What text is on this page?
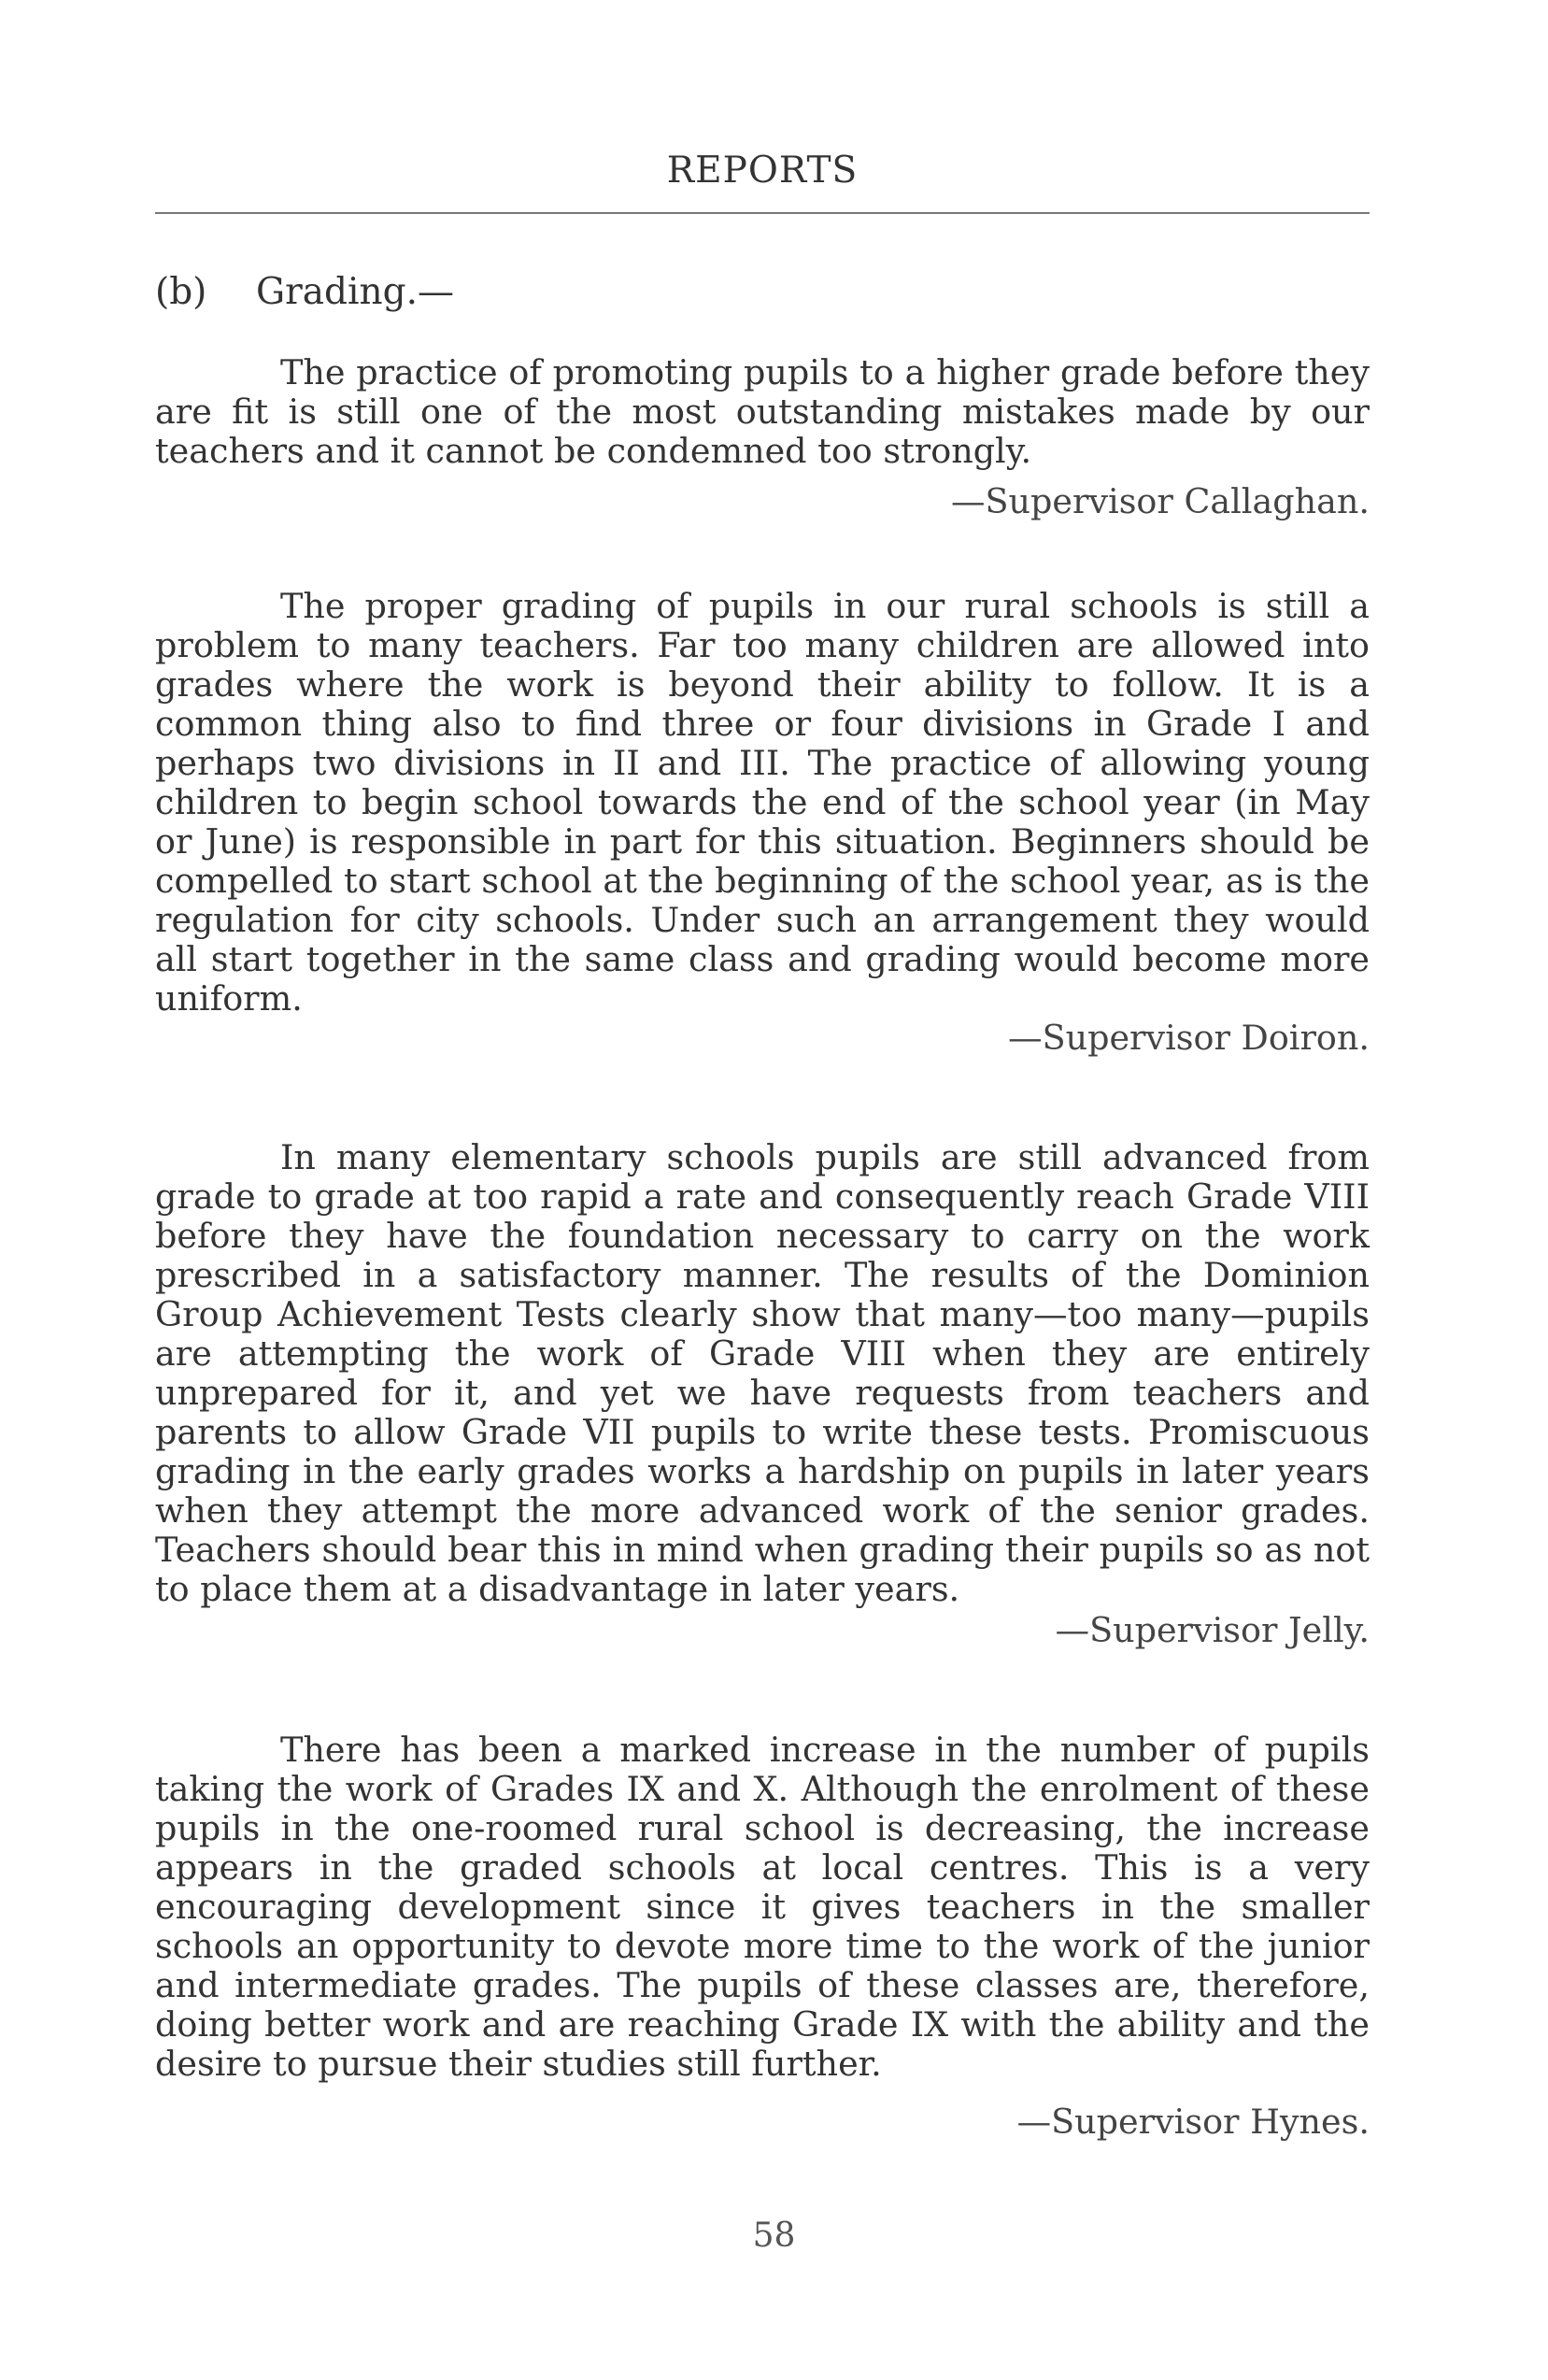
REPORTS
(b) Grading.—

The practice of promoting pupils to a higher grade before they are fit is still one of the most outstanding mistakes made by our teachers and it cannot be condemned too strongly.

—Supervisor Callaghan.

The proper grading of pupils in our rural schools is still a problem to many teachers. Far too many children are allowed into grades where the work is beyond their ability to follow. It is a common thing also to find three or four divisions in Grade I and perhaps two divisions in II and III. The practice of allowing young children to begin school towards the end of the school year (in May or June) is responsible in part for this situation. Beginners should be compelled to start school at the beginning of the school year, as is the regulation for city schools. Under such an arrangement they would all start together in the same class and grading would become more uniform.

—Supervisor Doiron.

In many elementary schools pupils are still advanced from grade to grade at too rapid a rate and consequently reach Grade VIII before they have the foundation necessary to carry on the work prescribed in a satisfactory manner. The results of the Dominion Group Achievement Tests clearly show that many—too many—pupils are attempting the work of Grade VIII when they are entirely unprepared for it, and yet we have requests from teachers and parents to allow Grade VII pupils to write these tests. Promiscuous grading in the early grades works a hardship on pupils in later years when they attempt the more advanced work of the senior grades. Teachers should bear this in mind when grading their pupils so as not to place them at a disadvantage in later years.

—Supervisor Jelly.

There has been a marked increase in the number of pupils taking the work of Grades IX and X. Although the enrolment of these pupils in the one-roomed rural school is decreasing, the increase appears in the graded schools at local centres. This is a very encouraging development since it gives teachers in the smaller schools an opportunity to devote more time to the work of the junior and intermediate grades. The pupils of these classes are, therefore, doing better work and are reaching Grade IX with the ability and the desire to pursue their studies still further.

—Supervisor Hynes.

58
